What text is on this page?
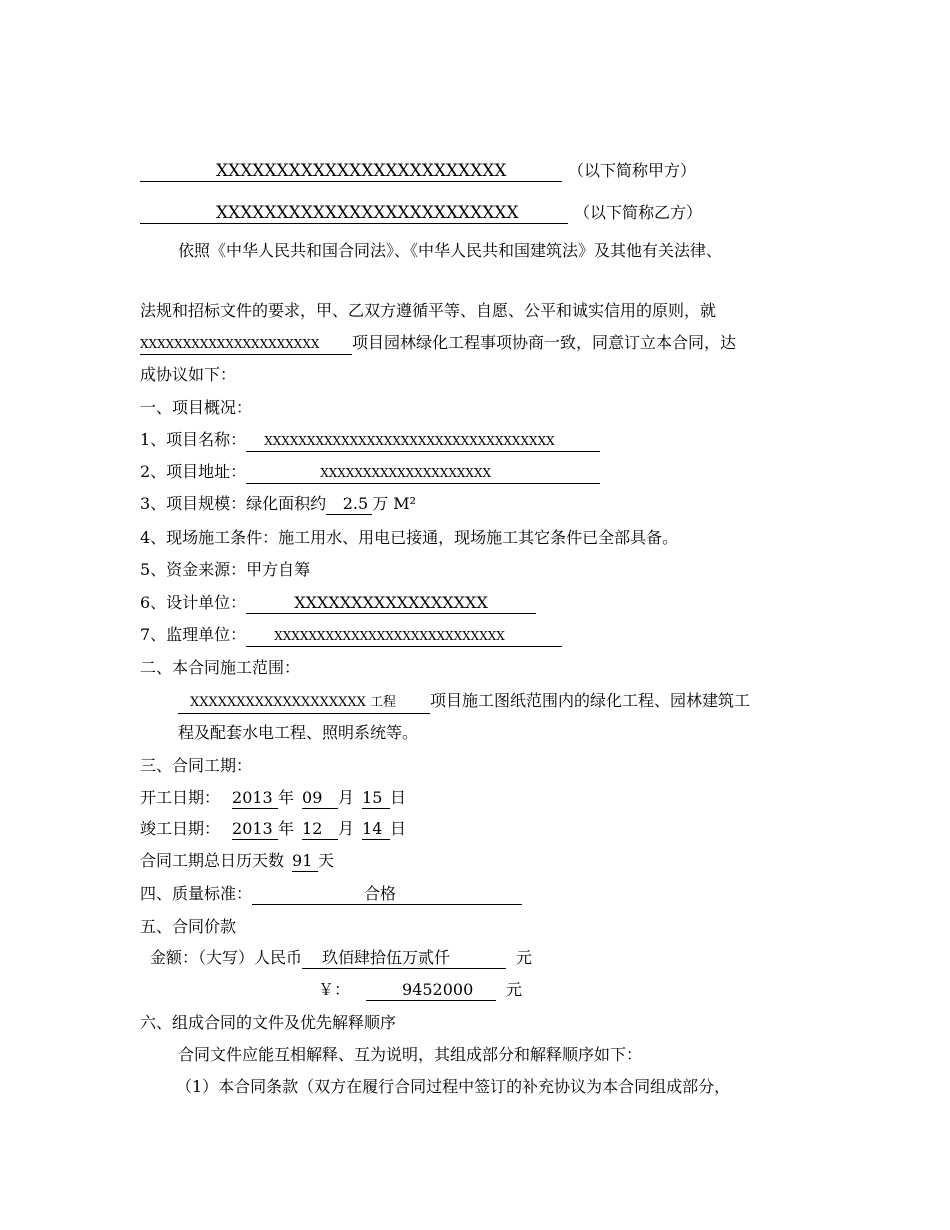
XXXXXXXXXXXXXXXXXXXXXXXX	（以下简称甲方）
XXXXXXXXXXXXXXXXXXXXXXXXX	（以下简称乙方）
依照《中华人民共和国合同法》、《中华人民共和国建筑法》及其他有关法律、
法规和招标文件的要求，甲、乙双方遵循平等、自愿、公平和诚实信用的原则，就
XXXXXXXXXXXXXXXXXXXXX 项目园林绿化工程事项协商一致，同意订立本合同，达
成协议如下：
一、项目概况：
1、项目名称： XXXXXXXXXXXXXXXXXXXXXXXXXXXXXXXXXX
2、项目地址：	XXXXXXXXXXXXXXXXXXXX
3、项目规模：绿化面积约 2.5 万 M²
4、现场施工条件：施工用水、用电已接通，现场施工其它条件已全部具备。
5、资金来源：甲方自筹
6、设计单位：	XXXXXXXXXXXXXXXXX
7、监理单位： XXXXXXXXXXXXXXXXXXXXXXXXXXX
二、本合同施工范围：
XXXXXXXXXXXXXXXXXXX 工程 项目施工图纸范围内的绿化工程、园林建筑工
程及配套水电工程、照明系统等。
三、合同工期：
开工日期： 2013 年 09 月 15 日
竣工日期： 2013 年 12 月 14 日
合同工期总日历天数 91 天
四、质量标准：	合格
五、合同价款
金额：（大写）人民币 玖佰肆拾伍万贰仟	元
￥：	9452000 元
六、组成合同的文件及优先解释顺序
合同文件应能互相解释、互为说明，其组成部分和解释顺序如下：
（1）本合同条款（双方在履行合同过程中签订的补充协议为本合同组成部分，
